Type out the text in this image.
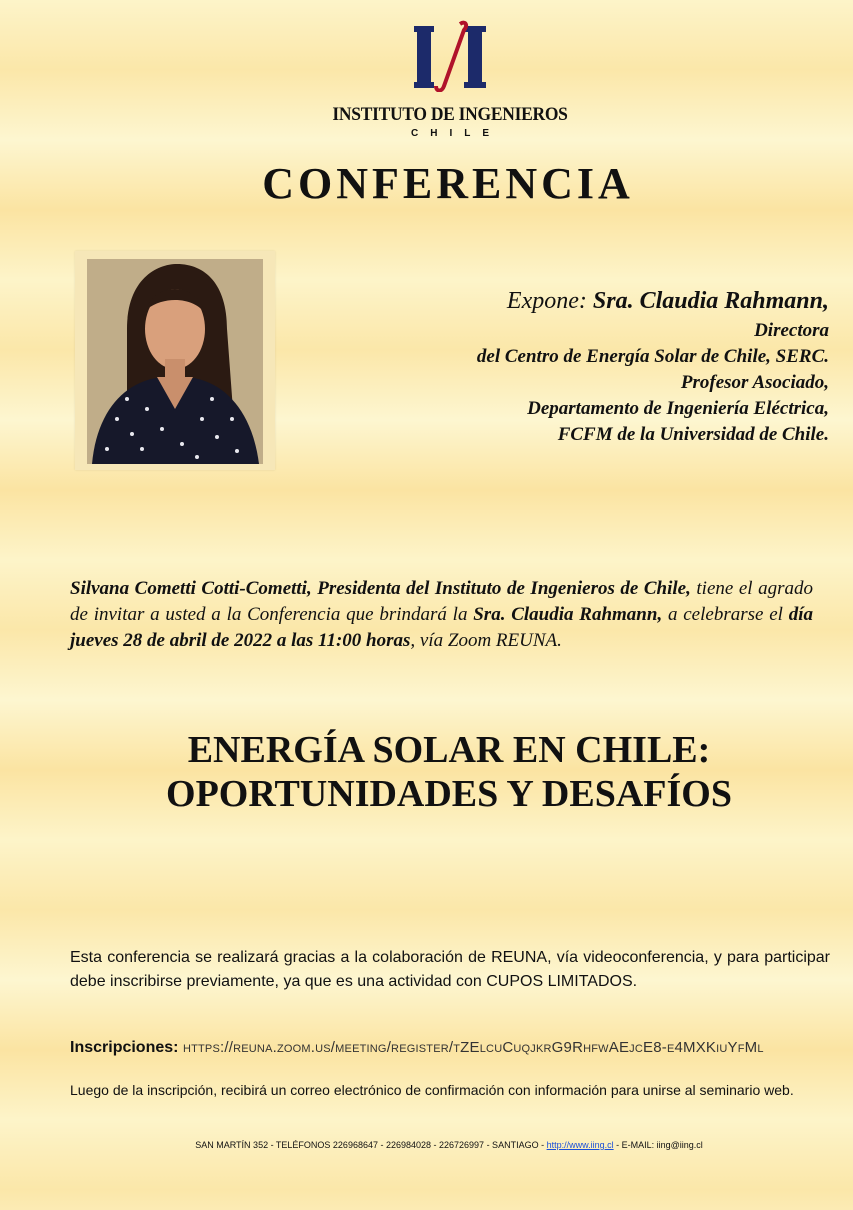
INSTITUTO DE INGENIEROS
CHILE
CONFERENCIA
Expone: Sra. Claudia Rahmann,
Directora
del Centro de Energía Solar de Chile, SERC.
Profesor Asociado,
Departamento de Ingeniería Eléctrica,
FCFM de la Universidad de Chile.
Silvana Cometti Cotti-Cometti, Presidenta del Instituto de Ingenieros de Chile, tiene el agrado de invitar a usted a la Conferencia que brindará la Sra. Claudia Rahmann, a celebrarse el día jueves 28 de abril de 2022 a las 11:00 horas, vía Zoom REUNA.
ENERGÍA SOLAR EN CHILE:
OPORTUNIDADES Y DESAFÍOS
Esta conferencia se realizará gracias a la colaboración de REUNA, vía videoconferencia, y para participar debe inscribirse previamente, ya que es una actividad con CUPOS LIMITADOS.
Inscripciones: https://reuna.zoom.us/meeting/register/tZElcuCuqjkrG9RhfwAEjcE8-e4MXKiuYfMl
Luego de la inscripción, recibirá un correo electrónico de confirmación con información para unirse al seminario web.
SAN MARTÍN 352 - TELÉFONOS 226968647 - 226984028 - 226726997 - SANTIAGO - http://www.iing.cl - E-MAIL: iing@iing.cl
